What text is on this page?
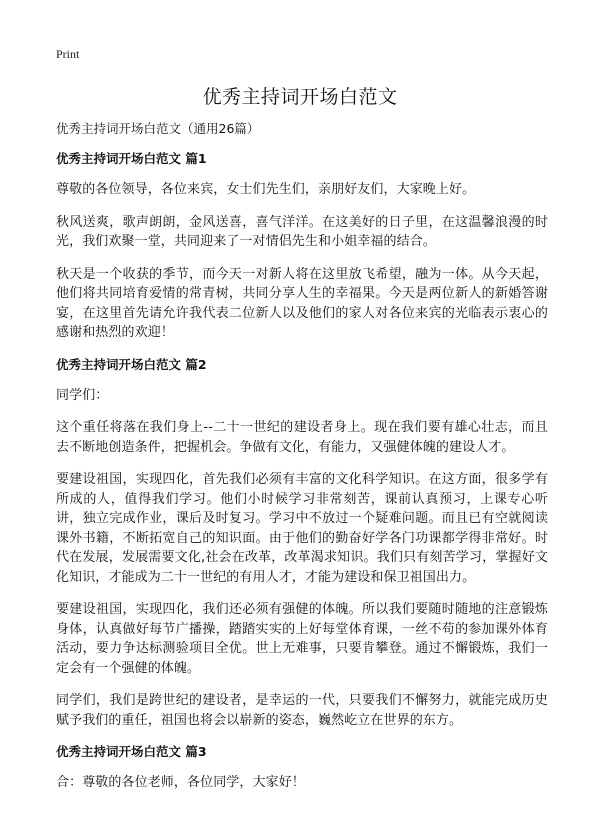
Print
优秀主持词开场白范文

优秀主持词开场白范文（通用26篇）

优秀主持词开场白范文 篇1

尊敬的各位领导，各位来宾，女士们先生们，亲朋好友们，大家晚上好。

秋风送爽，歌声朗朗，金风送喜，喜气洋洋。在这美好的日子里，在这温馨浪漫的时光，我们欢聚一堂，共同迎来了一对情侣先生和小姐幸福的结合。

秋天是一个收获的季节，而今天一对新人将在这里放飞希望，融为一体。从今天起，他们将共同培育爱情的常青树，共同分享人生的幸福果。今天是两位新人的新婚答谢宴，在这里首先请允许我代表二位新人以及他们的家人对各位来宾的光临表示衷心的感谢和热烈的欢迎！

优秀主持词开场白范文 篇2

同学们：

这个重任将落在我们身上--二十一世纪的建设者身上。现在我们要有雄心壮志，而且去不断地创造条件，把握机会。争做有文化，有能力，又强健体魄的建设人才。

要建设祖国，实现四化，首先我们必须有丰富的文化科学知识。在这方面，很多学有所成的人，值得我们学习。他们小时候学习非常刻苦，课前认真预习，上课专心听讲，独立完成作业，课后及时复习。学习中不放过一个疑难问题。而且已有空就阅读课外书籍，不断拓宽自己的知识面。由于他们的勤奋好学各门功课都学得非常好。时代在发展，发展需要文化,社会在改革，改革渴求知识。我们只有刻苦学习，掌握好文化知识，才能成为二十一世纪的有用人才，才能为建设和保卫祖国出力。

要建设祖国，实现四化，我们还必须有强健的体魄。所以我们要随时随地的注意锻炼身体，认真做好每节广播操，踏踏实实的上好每堂体育课，一丝不苟的参加课外体育活动，要力争达标测验项目全优。世上无难事，只要肯攀登。通过不懈锻炼，我们一定会有一个强健的体魄。

同学们，我们是跨世纪的建设者，是幸运的一代，只要我们不懈努力，就能完成历史赋予我们的重任，祖国也将会以崭新的姿态，巍然屹立在世界的东方。

优秀主持词开场白范文 篇3

合：尊敬的各位老师，各位同学，大家好！
